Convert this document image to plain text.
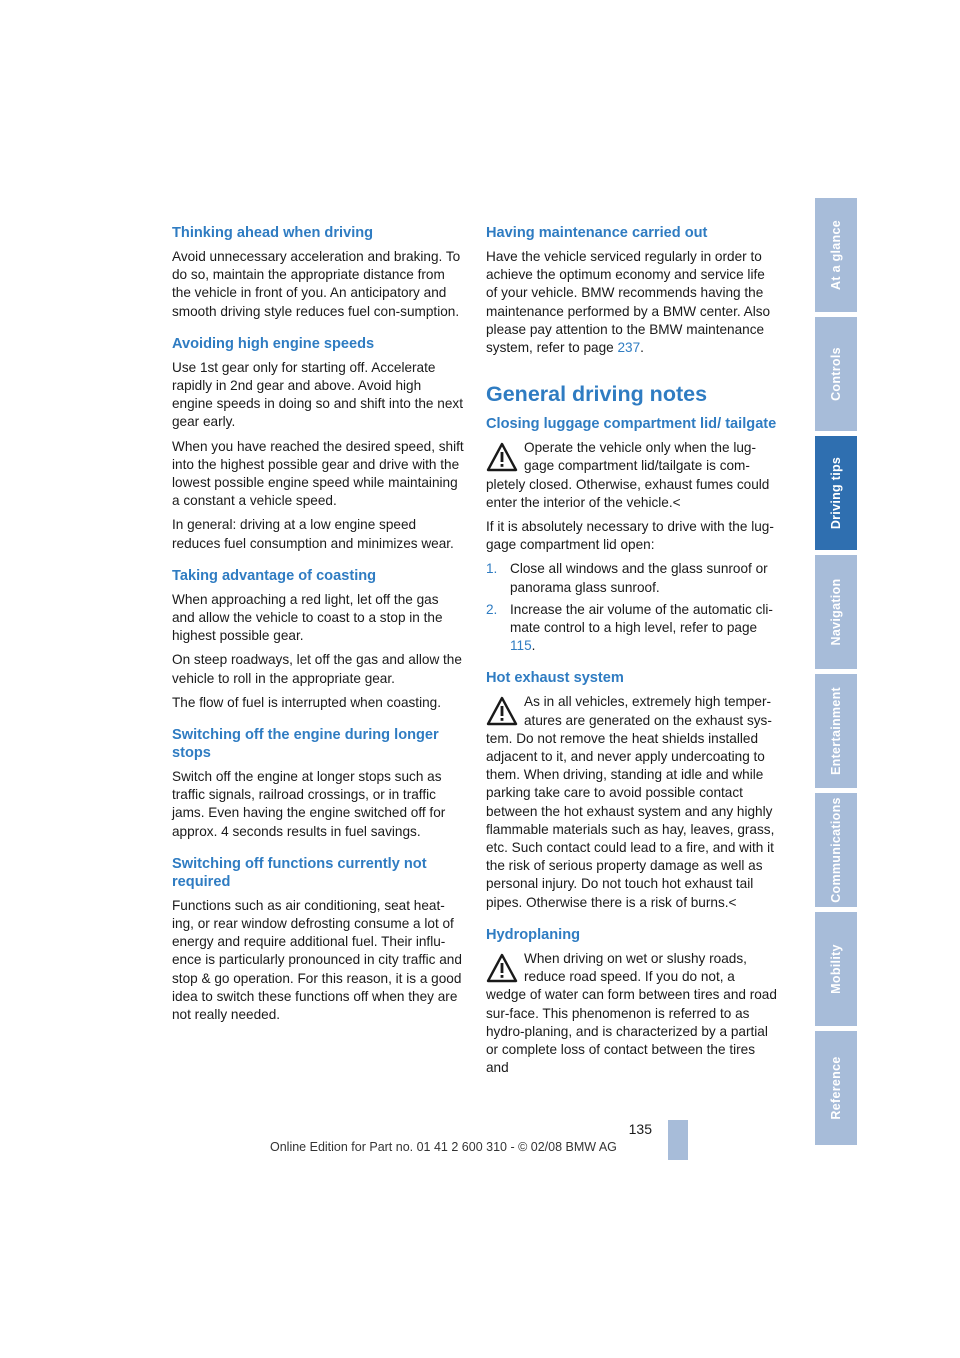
Thinking ahead when driving

Avoid unnecessary acceleration and braking. To do so, maintain the appropriate distance from the vehicle in front of you. An anticipatory and smooth driving style reduces fuel con-sumption.

Avoiding high engine speeds

Use 1st gear only for starting off. Accelerate rapidly in 2nd gear and above. Avoid high engine speeds in doing so and shift into the next gear early.

When you have reached the desired speed, shift into the highest possible gear and drive with the lowest possible engine speed while maintaining a constant a vehicle speed.

In general: driving at a low engine speed reduces fuel consumption and minimizes wear.

Taking advantage of coasting

When approaching a red light, let off the gas and allow the vehicle to coast to a stop in the highest possible gear.

On steep roadways, let off the gas and allow the vehicle to roll in the appropriate gear.

The flow of fuel is interrupted when coasting.

Switching off the engine during longer stops

Switch off the engine at longer stops such as traffic signals, railroad crossings, or in traffic jams. Even having the engine switched off for approx. 4 seconds results in fuel savings.

Switching off functions currently not required

Functions such as air conditioning, seat heat-ing, or rear window defrosting consume a lot of energy and require additional fuel. Their influ-ence is particularly pronounced in city traffic and stop & go operation. For this reason, it is a good idea to switch these functions off when they are not really needed.

Having maintenance carried out

Have the vehicle serviced regularly in order to achieve the optimum economy and service life of your vehicle. BMW recommends having the maintenance performed by a BMW center. Also please pay attention to the BMW maintenance system, refer to page 237.

General driving notes
Closing luggage compartment lid/ tailgate

Operate the vehicle only when the lug-gage compartment lid/tailgate is com-pletely closed. Otherwise, exhaust fumes could enter the interior of the vehicle.<

If it is absolutely necessary to drive with the lug-gage compartment lid open:

1. Close all windows and the glass sunroof or panorama glass sunroof.
2. Increase the air volume of the automatic cli-mate control to a high level, refer to page 115.
Hot exhaust system

As in all vehicles, extremely high temper-atures are generated on the exhaust sys-tem. Do not remove the heat shields installed adjacent to it, and never apply undercoating to them. When driving, standing at idle and while parking take care to avoid possible contact between the hot exhaust system and any highly flammable materials such as hay, leaves, grass, etc. Such contact could lead to a fire, and with it the risk of serious property damage as well as personal injury. Do not touch hot exhaust tail pipes. Otherwise there is a risk of burns.<

Hydroplaning

When driving on wet or slushy roads, reduce road speed. If you do not, a wedge of water can form between tires and road sur-face. This phenomenon is referred to as hydro-planing, and is characterized by a partial or complete loss of contact between the tires and

At a glance
Controls
Driving tips
Navigation
Entertainment
Communications
Mobility
Reference
135
Online Edition for Part no. 01 41 2 600 310 - © 02/08 BMW AG
